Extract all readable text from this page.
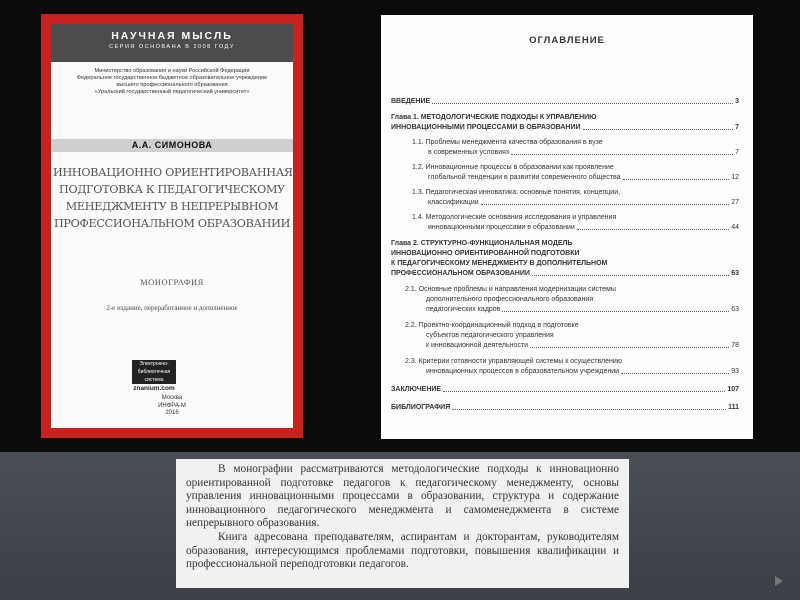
НАУЧНАЯ МЫСЛЬ
СЕРИЯ ОСНОВАНА В 2008 ГОДУ
Министерство образования и науки Российской Федерации
Федеральное государственное бюджетное образовательное учреждение
высшего профессионального образования
«Уральский государственный педагогический университет»
А.А. СИМОНОВА
ИННОВАЦИОННО ОРИЕНТИРОВАННАЯ
ПОДГОТОВКА К ПЕДАГОГИЧЕСКОМУ
МЕНЕДЖМЕНТУ В НЕПРЕРЫВНОМ
ПРОФЕССИОНАЛЬНОМ ОБРАЗОВАНИИ
МОНОГРАФИЯ
2-е издание, переработанное и дополненное
Электронно-
библиотечная
система
znanium.com
Москва
ИНФРА-М
2016
ОГЛАВЛЕНИЕ
ВВЕДЕНИЕ	3
Глава 1. МЕТОДОЛОГИЧЕСКИЕ ПОДХОДЫ К УПРАВЛЕНИЮ
ИННОВАЦИОННЫМИ ПРОЦЕССАМИ В ОБРАЗОВАНИИ	7
1.1. Проблемы менеджмента качества образования в вузе
в современных условиях	7
1.2. Инновационные процессы в образовании как проявление
глобальной тенденции в развитии современного общества	12
1.3. Педагогическая инноватика: основные понятия, концепции,
классификации	27
1.4. Методологические основания исследования и управления
инновационными процессами в образовании	44
Глава 2. СТРУКТУРНО-ФУНКЦИОНАЛЬНАЯ МОДЕЛЬ
ИННОВАЦИОННО ОРИЕНТИРОВАННОЙ ПОДГОТОВКИ
К ПЕДАГОГИЧЕСКОМУ МЕНЕДЖМЕНТУ В ДОПОЛНИТЕЛЬНОМ
ПРОФЕССИОНАЛЬНОМ ОБРАЗОВАНИИ	63
2.1. Основные проблемы и направления модернизации системы
дополнительного профессионального образования
педагогических кадров	63
2.2. Проектно-координационный подход в подготовке
субъектов педагогического управления
к инновационной деятельности	78
2.3. Критерии готовности управляющей системы к осуществлению
инновационных процессов в образовательном учреждении	93
ЗАКЛЮЧЕНИЕ	107
БИБЛИОГРАФИЯ	111

В монографии рассматриваются методологические подходы к инновационно ориентированной подготовке педагогов к педагогическому менеджменту, основы управления инновационными процессами в образовании, структура и содержание инновационного педагогического менеджмента и самоменеджмента в системе непрерывного образования.

Книга адресована преподавателям, аспирантам и докторантам, руководителям образования, интересующимся проблемами подготовки, повышения квалификации и профессиональной переподготовки педагогов.
